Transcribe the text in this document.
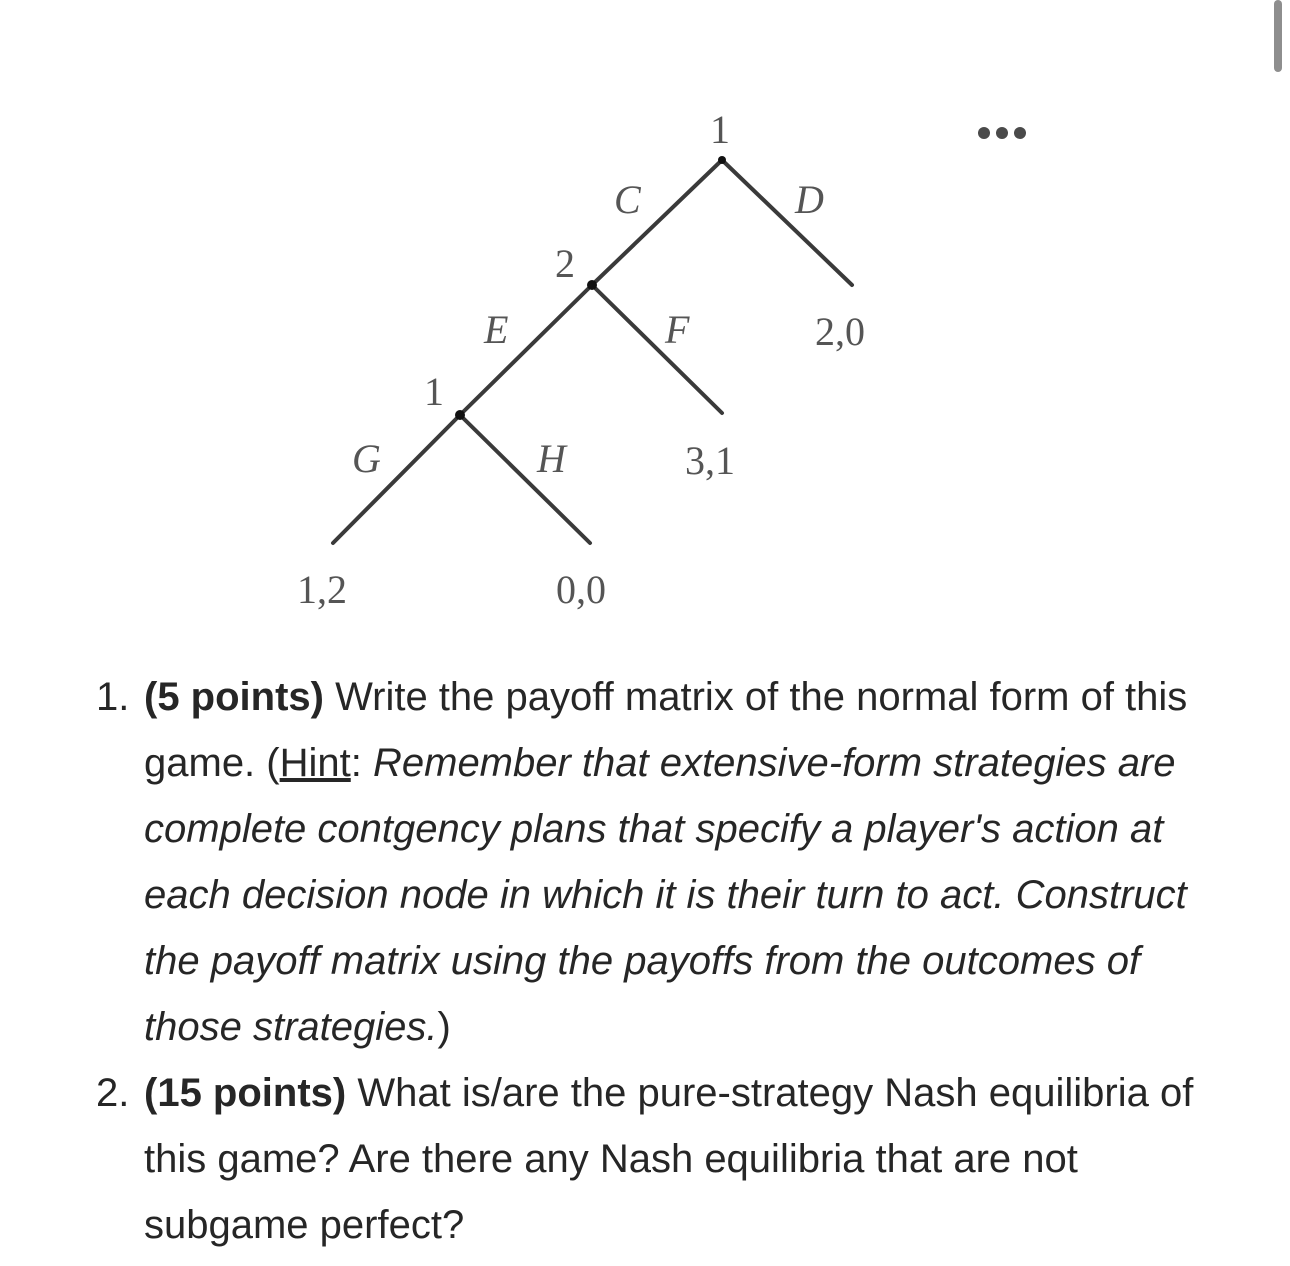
1
2
1
C	D
E	F
G	H
2,0
3,1
1,2	0,0
1. (5 points) Write the payoff matrix of the normal form of this game. (Hint: Remember that extensive-form strategies are complete contgency plans that specify a player's action at each decision node in which it is their turn to act. Construct the payoff matrix using the payoffs from the outcomes of those strategies.)
2. (15 points) What is/are the pure-strategy Nash equilibria of this game? Are there any Nash equilibria that are not subgame perfect?
